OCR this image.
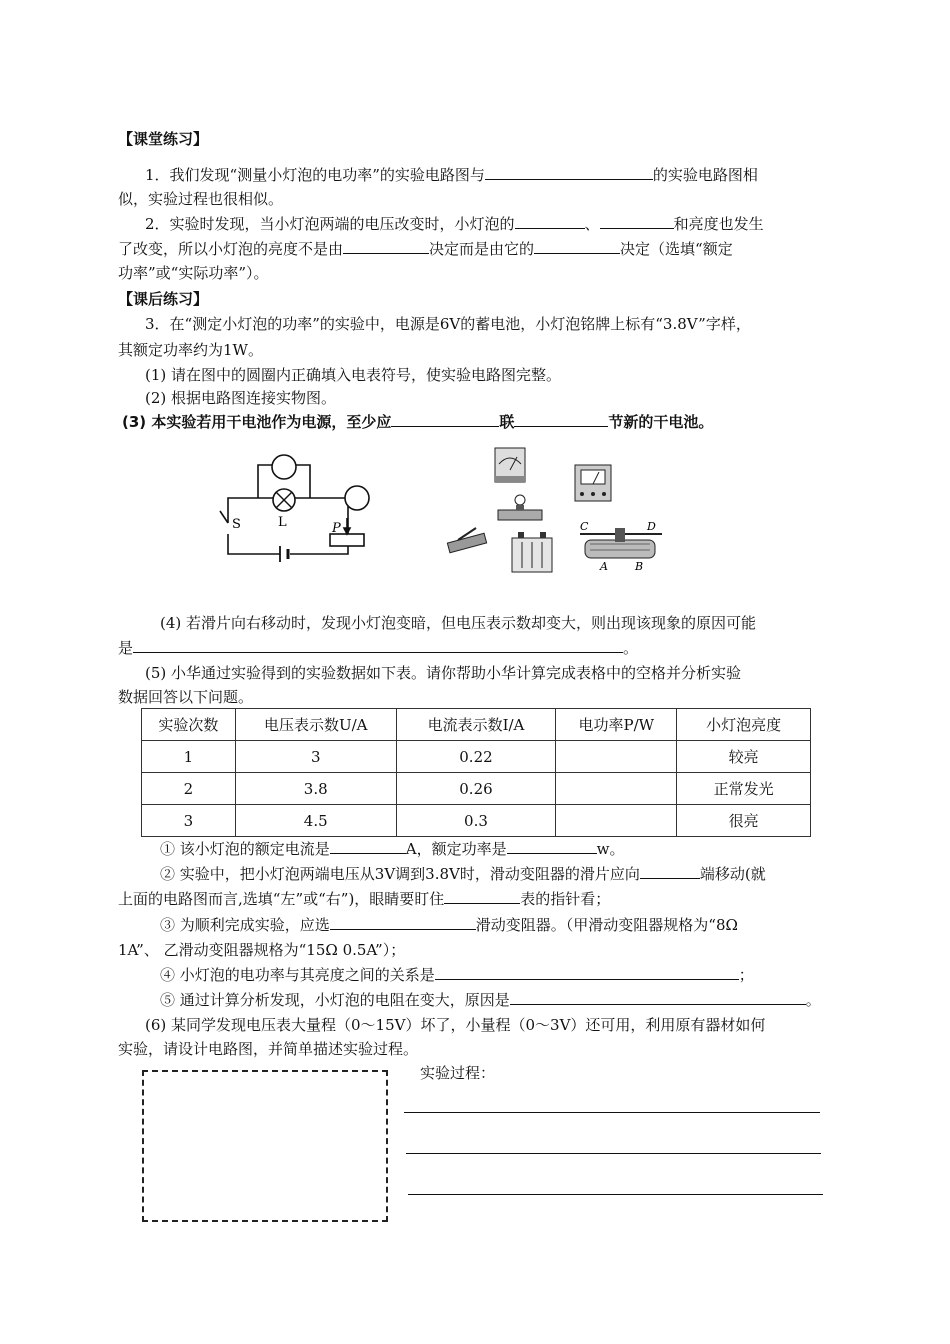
【课堂练习】
1．我们发现“测量小灯泡的电功率”的实验电路图与	的实验电路图相
似，实验过程也很相似。
2．实验时发现，当小灯泡两端的电压改变时，小灯泡的	、	和亮度也发生
了改变，所以小灯泡的亮度不是由	决定而是由它的	决定（选填“额定
功率”或“实际功率”）。
【课后练习】
3．在“测定小灯泡的功率”的实验中，电源是6V的蓄电池，小灯泡铭牌上标有“3.8V”字样，
其额定功率约为1W。
(1) 请在图中的圆圈内正确填入电表符号，使实验电路图完整。
(2) 根据电路图连接实物图。
(3) 本实验若用干电池作为电源，至少应	联	节新的干电池。
S	L	P	C	D
A B
(4) 若滑片向右移动时，发现小灯泡变暗，但电压表示数却变大，则出现该现象的原因可能
是	。
(5) 小华通过实验得到的实验数据如下表。请你帮助小华计算完成表格中的空格并分析实验
数据回答以下问题。
实验次数	电压表示数U/A	电流表示数I/A	电功率P/W	小灯泡亮度
1	3	0.22		较亮
2	3.8	0.26		正常发光
3	4.5	0.3		很亮
① 该小灯泡的额定电流是	A，额定功率是	w。
② 实验中，把小灯泡两端电压从3V调到3.8V时，滑动变阻器的滑片应向	端移动(就
上面的电路图而言,选填“左”或“右”)，眼睛要盯住	表的指针看；
③ 为顺利完成实验，应选	滑动变阻器。（甲滑动变阻器规格为“8Ω
1A”、 乙滑动变阻器规格为“15Ω 0.5A”）；
④ 小灯泡的电功率与其亮度之间的关系是	；
⑤ 通过计算分析发现，小灯泡的电阻在变大，原因是	。
(6) 某同学发现电压表大量程（0～15V）坏了，小量程（0～3V）还可用，利用原有器材如何
实验，请设计电路图，并简单描述实验过程。
实验过程：
